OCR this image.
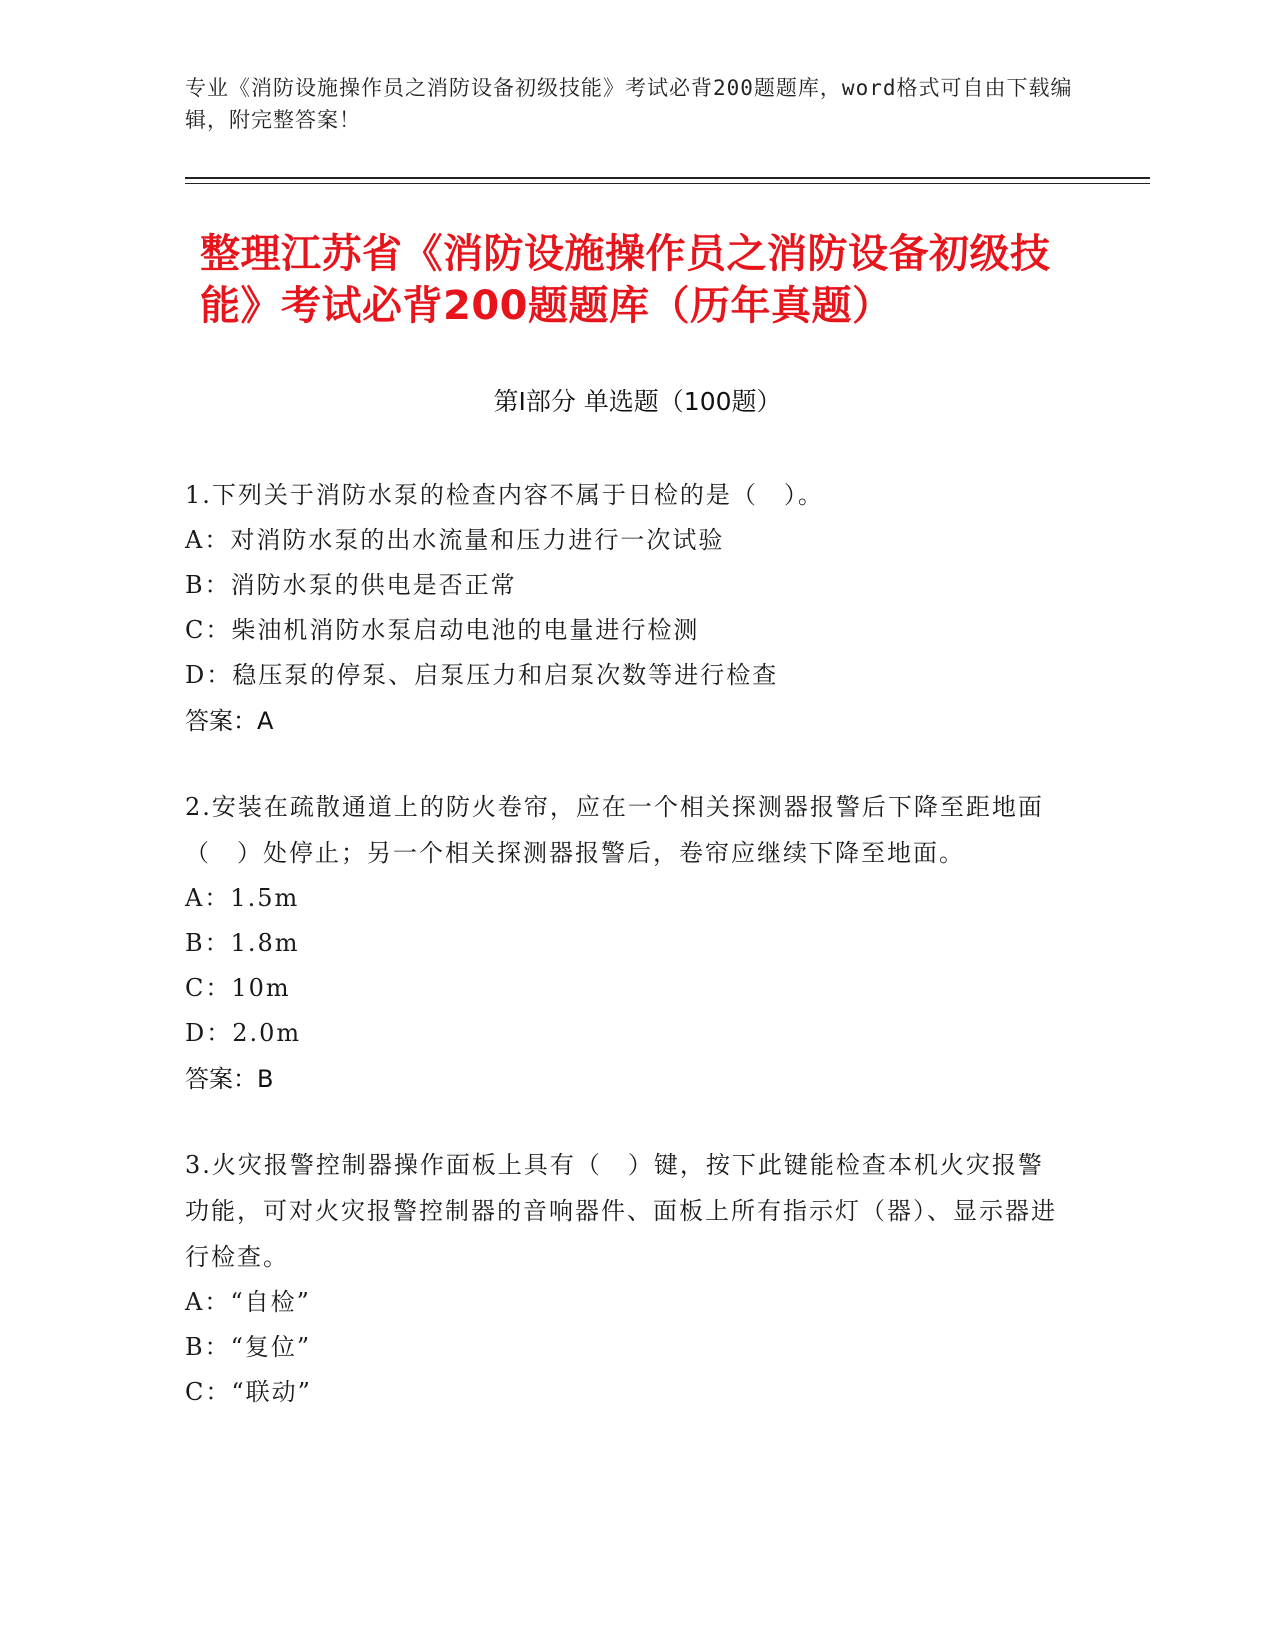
专业《消防设施操作员之消防设备初级技能》考试必背200题题库，word格式可自由下载编辑，附完整答案！
整理江苏省《消防设施操作员之消防设备初级技能》考试必背200题题库（历年真题）
第I部分 单选题（100题）
1.下列关于消防水泵的检查内容不属于日检的是（　）。
A：对消防水泵的出水流量和压力进行一次试验
B：消防水泵的供电是否正常
C：柴油机消防水泵启动电池的电量进行检测
D：稳压泵的停泵、启泵压力和启泵次数等进行检查
答案：A
2.安装在疏散通道上的防火卷帘，应在一个相关探测器报警后下降至距地面（　）处停止；另一个相关探测器报警后，卷帘应继续下降至地面。
A：1.5m
B：1.8m
C：10m
D：2.0m
答案：B
3.火灾报警控制器操作面板上具有（　）键，按下此键能检查本机火灾报警功能，可对火灾报警控制器的音响器件、面板上所有指示灯（器）、显示器进行检查。
A：“自检”
B：“复位”
C：“联动”
